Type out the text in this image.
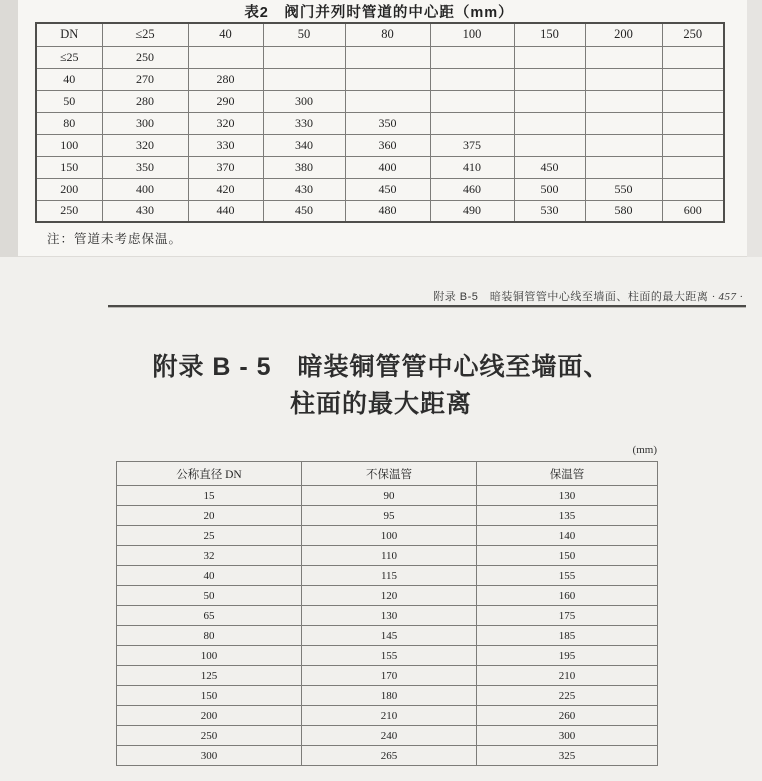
表2　阀门并列时管道的中心距（mm）
DN	≤25	40	50	80	100	150	200	250
≤25	250							
40	270	280						
50	280	290	300					
80	300	320	330	350				
100	320	330	340	360	375			
150	350	370	380	400	410	450		
200	400	420	430	450	460	500	550	
250	430	440	450	480	490	530	580	600
注：管道未考虑保温。
附录 B-5　暗装铜管管中心线至墙面、柱面的最大距离 · 457 ·
附录 B - 5　暗装铜管管中心线至墙面、
柱面的最大距离
(mm)
公称直径 DN	不保温管	保温管
15	90	130
20	95	135
25	100	140
32	110	150
40	115	155
50	120	160
65	130	175
80	145	185
100	155	195
125	170	210
150	180	225
200	210	260
250	240	300
300	265	325
